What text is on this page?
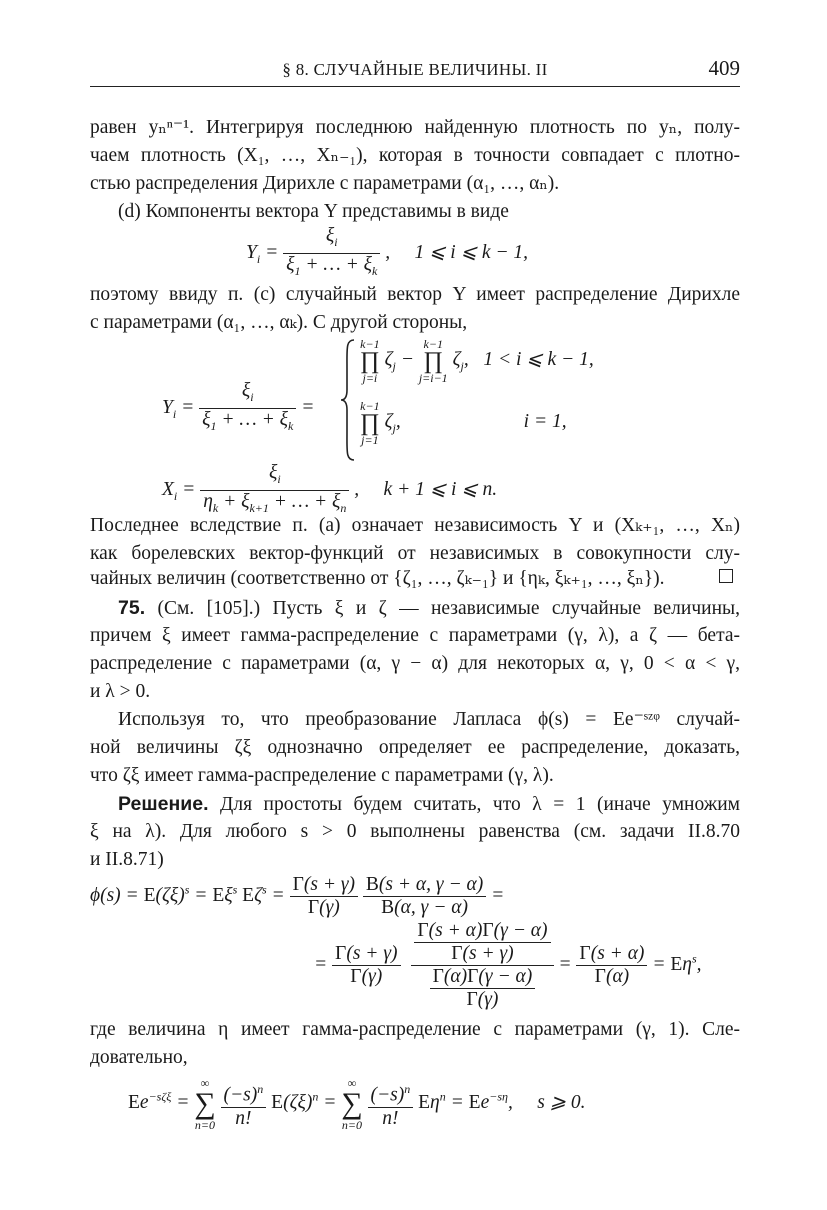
§ 8. СЛУЧАЙНЫЕ ВЕЛИЧИНЫ. II	409
равен yₙⁿ⁻¹. Интегрируя последнюю найденную плотность по yₙ, полу-
чаем плотность (X₁, …, Xₙ₋₁), которая в точности совпадает с плотно-
стью распределения Дирихле с параметрами (α₁, …, αₙ).
(d) Компоненты вектора Y представимы в виде
$Y_i = \frac{\xi_i}{\xi_1 + \dots + \xi_k}$ ,     1 ⩽ i ⩽ k − 1,
поэтому ввиду п. (c) случайный вектор Y имеет распределение Дирихле
с параметрами (α₁, …, αₖ). С другой стороны,
$Y_i = \frac{\xi_i}{\xi_1 + \dots + \xi_k}$ =
k−1
∏
j=i
$\zeta_j$ −
k−1
∏
j=i−1
$\zeta_j$,   1 < i ⩽ k − 1,
k−1
∏
j=1
$\zeta_j$,	i = 1,
$X_i = \frac{\xi_i}{\eta_k + \xi_{k+1} + \dots + \xi_n}$ ,     k + 1 ⩽ i ⩽ n.
Последнее вследствие п. (a) означает независимость Y и (Xₖ₊₁, …, Xₙ)
как борелевских вектор-функций от независимых в совокупности слу-
чайных величин (соответственно от {ζ₁, …, ζₖ₋₁} и {ηₖ, ξₖ₊₁, …, ξₙ}).
75. (См. [105].) Пусть ξ и ζ — независимые случайные величины,
причем ξ имеет гамма-распределение с параметрами (γ, λ), а ζ — бета-
распределение с параметрами (α, γ − α) для некоторых α, γ, 0 < α < γ,
и λ > 0.
Используя то, что преобразование Лапласа ϕ(s) = Ee⁻ˢᶻᵠ случай-
ной величины ζξ однозначно определяет ее распределение, доказать,
что ζξ имеет гамма-распределение с параметрами (γ, λ).
Решение. Для простоты будем считать, что λ = 1 (иначе умножим
ξ на λ). Для любого s > 0 выполнены равенства (см. задачи II.8.70
и II.8.71)
$\phi(s) = E(\zeta\xi)^s = E\xi^s$ $E\zeta^s = \frac{\Gamma(s + \gamma)}{\Gamma(\gamma)}$
$\frac{B(s + \alpha, \gamma - \alpha)}{B(\alpha, \gamma - \alpha)}$ =
= $\frac{\Gamma(s + \gamma)}{\Gamma(\gamma)}$
$\frac{\frac{\Gamma(s + \alpha)\Gamma(\gamma - \alpha)}{\Gamma(s + \gamma)}}{\frac{\Gamma(\alpha)\Gamma(\gamma - \alpha)}{\Gamma(\gamma)}} = \frac{\Gamma(s + \alpha)}{\Gamma(\alpha)} = E\eta^s$,
где величина η имеет гамма-распределение с параметрами (γ, 1). Сле-
довательно,
$Ee^{-s\zeta\xi}$ =
∞
∑
n=0
$\frac{(-s)^n}{n!} E(\zeta\xi)^n$ =
∞
∑
n=0
$\frac{(-s)^n}{n!} E\eta^n = Ee^{-s\eta}$,     s ⩾ 0.
